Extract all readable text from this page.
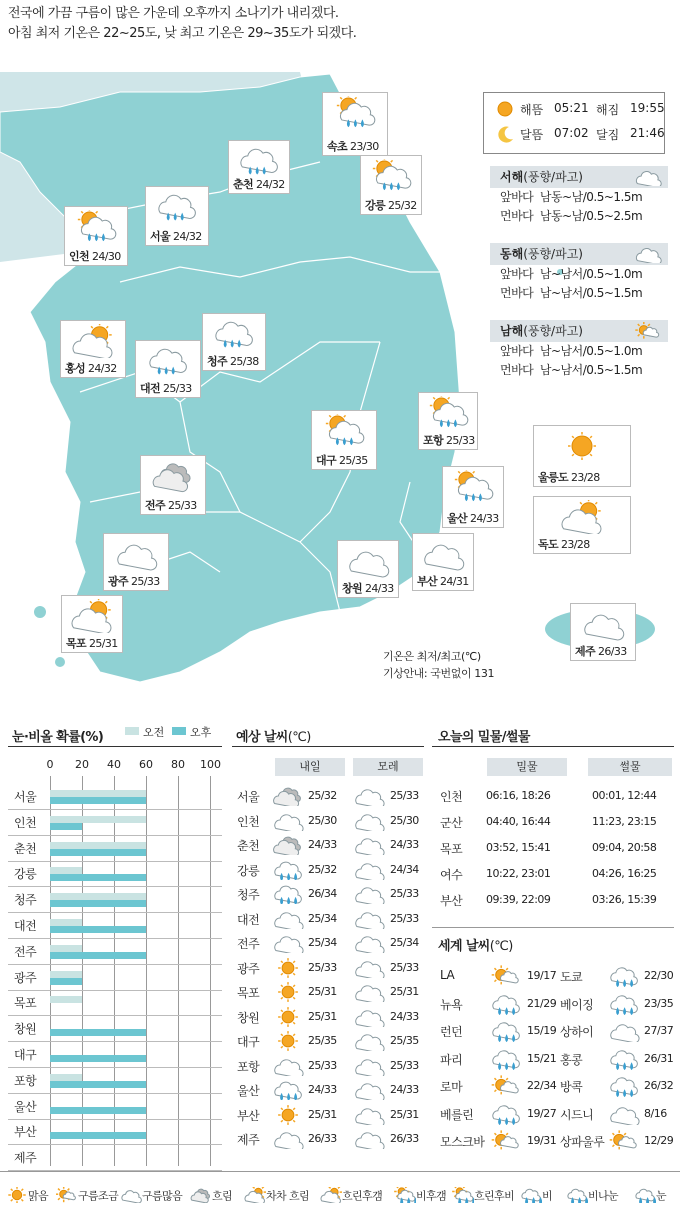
전국에 가끔 구름이 많은 가운데 오후까지 소나기가 내리겠다.
아침 최저 기온은 22~25도, 낮 최고 기온은 29~35도가 되겠다.
속초 23/30
춘천 24/32
강릉 25/32
서울 24/32
인천 24/30
청주 25/38
홍성 24/32
대전 25/33
포항 25/33
대구 25/35
울릉도 23/28
전주 25/33
울산 24/33
독도 23/28
광주 25/33
창원 24/33
부산 24/31
목포 25/31
제주 26/33
해뜸 05:21 해짐 19:55
달뜸 07:02 달짐 21:46
서해(풍향/파고)
앞바다  남동~남/0.5~1.5m
먼바다  남동~남/0.5~2.5m
동해(풍향/파고)
앞바다  남~남서/0.5~1.0m
먼바다  남~남서/0.5~1.5m
남해(풍향/파고)
앞바다  남~남서/0.5~1.0m
먼바다  남~남서/0.5~1.5m
기온은 최저/최고(℃)
기상안내: 국번없이 131
눈·비올 확률(%)	오전 오후
0	20 40 60 80 100
서울
인천
춘천
강릉
청주
대전
전주
광주
목포
창원
대구
포항
울산
부산
제주
예상 날씨(℃)
내일	모레
서울	25/32	25/33
인천	25/30	25/30
춘천	24/33	24/33
강릉	25/32	24/34
청주	26/34	25/33
대전	25/34	25/33
전주	25/34	25/34
광주	25/33	25/33
목포	25/31	25/31
창원	25/31	24/33
대구	25/35	25/35
포항	25/33	25/33
울산	24/33	24/33
부산	25/31	25/31
제주	26/33	26/33
오늘의 밀물/썰물
밀물	썰물
인천 06:16, 18:26	00:01, 12:44
군산 04:40, 16:44	11:23, 23:15
목포 03:52, 15:41	09:04, 20:58
여수 10:22, 23:01	04:26, 16:25
부산 09:39, 22:09	03:26, 15:39
세계 날씨(℃)
LA	19/17 도쿄	22/30
뉴욕	21/29 베이징	23/35
런던	15/19 상하이	27/37
파리	15/21 홍콩	26/31
로마	22/34 방콕	26/32
베를린	19/27 시드니	8/16
모스크바	19/31 상파울루	12/29
맑음	구름조금	구름많음	흐림	차차 흐림	흐린후갬	비후갬	흐린후비	비	비나눈	눈
